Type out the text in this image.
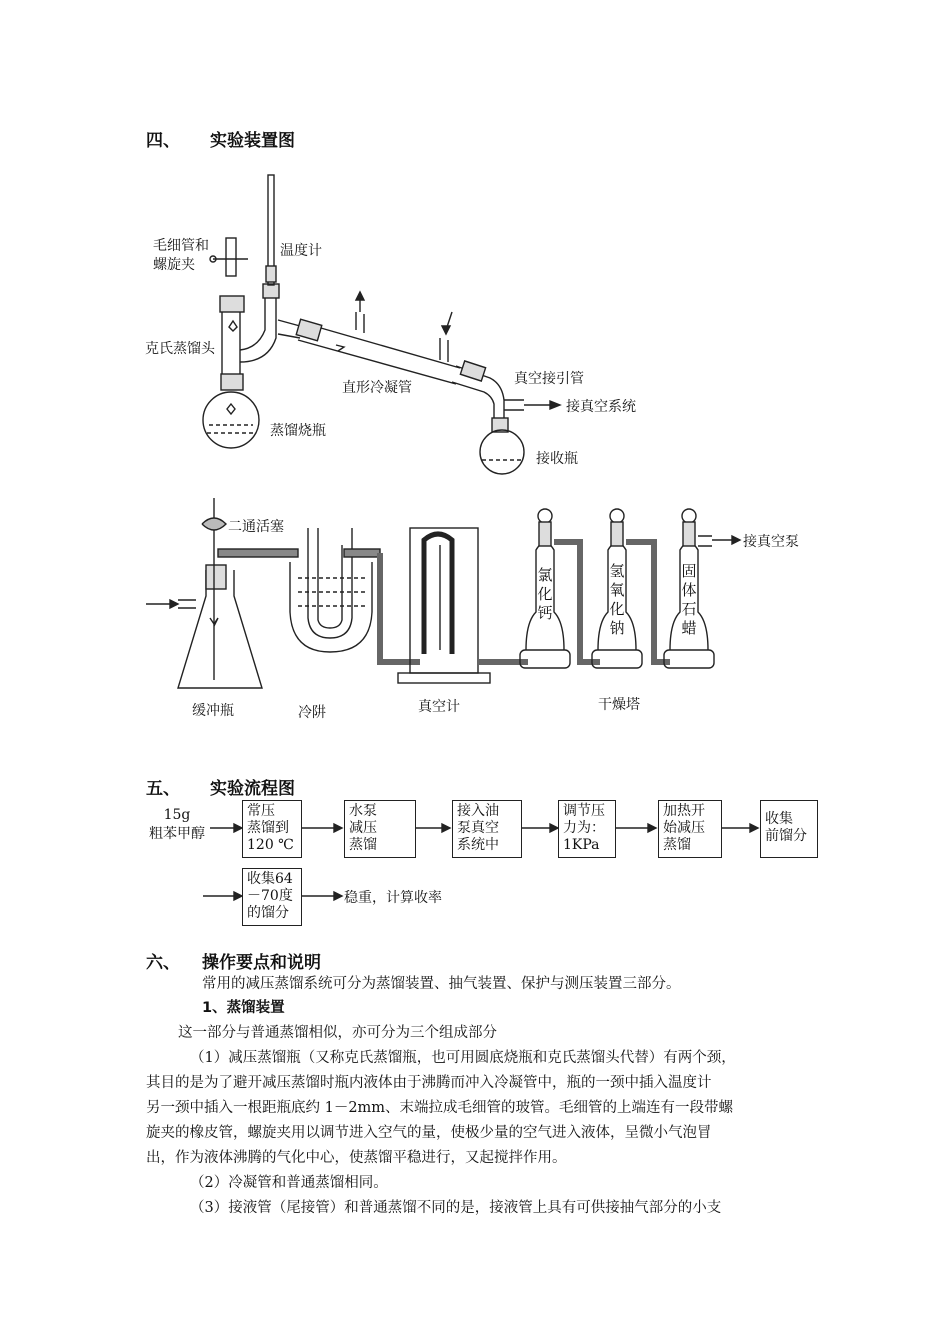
四、 实验装置图
毛细管和
螺旋夹
温度计
克氏蒸馏头
直形冷凝管
真空接引管
接真空系统
蒸馏烧瓶
接收瓶
二通活塞
接真空泵
缓冲瓶	冷阱	真空计	干燥塔
氯化钙
氢氧化钠
固体石蜡
五、 实验流程图
15g
粗苯甲醇
常压
蒸馏到
120 ℃
水泵
减压
蒸馏
接入油
泵真空
系统中
调节压
力为：
1KPa
加热开
始减压
蒸馏
收集
前馏分
收集64
－70度
的馏分
稳重，计算收率
六、 操作要点和说明
常用的减压蒸馏系统可分为蒸馏装置、抽气装置、保护与测压装置三部分。
1、蒸馏装置
这一部分与普通蒸馏相似，亦可分为三个组成部分
（1）减压蒸馏瓶（又称克氏蒸馏瓶，也可用圆底烧瓶和克氏蒸馏头代替）有两个颈，
其目的是为了避开减压蒸馏时瓶内液体由于沸腾而冲入冷凝管中，瓶的一颈中插入温度计
另一颈中插入一根距瓶底约 1－2mm、末端拉成毛细管的玻管。毛细管的上端连有一段带螺
旋夹的橡皮管，螺旋夹用以调节进入空气的量，使极少量的空气进入液体，呈微小气泡冒
出，作为液体沸腾的气化中心，使蒸馏平稳进行，又起搅拌作用。
（2）冷凝管和普通蒸馏相同。
（3）接液管（尾接管）和普通蒸馏不同的是，接液管上具有可供接抽气部分的小支
